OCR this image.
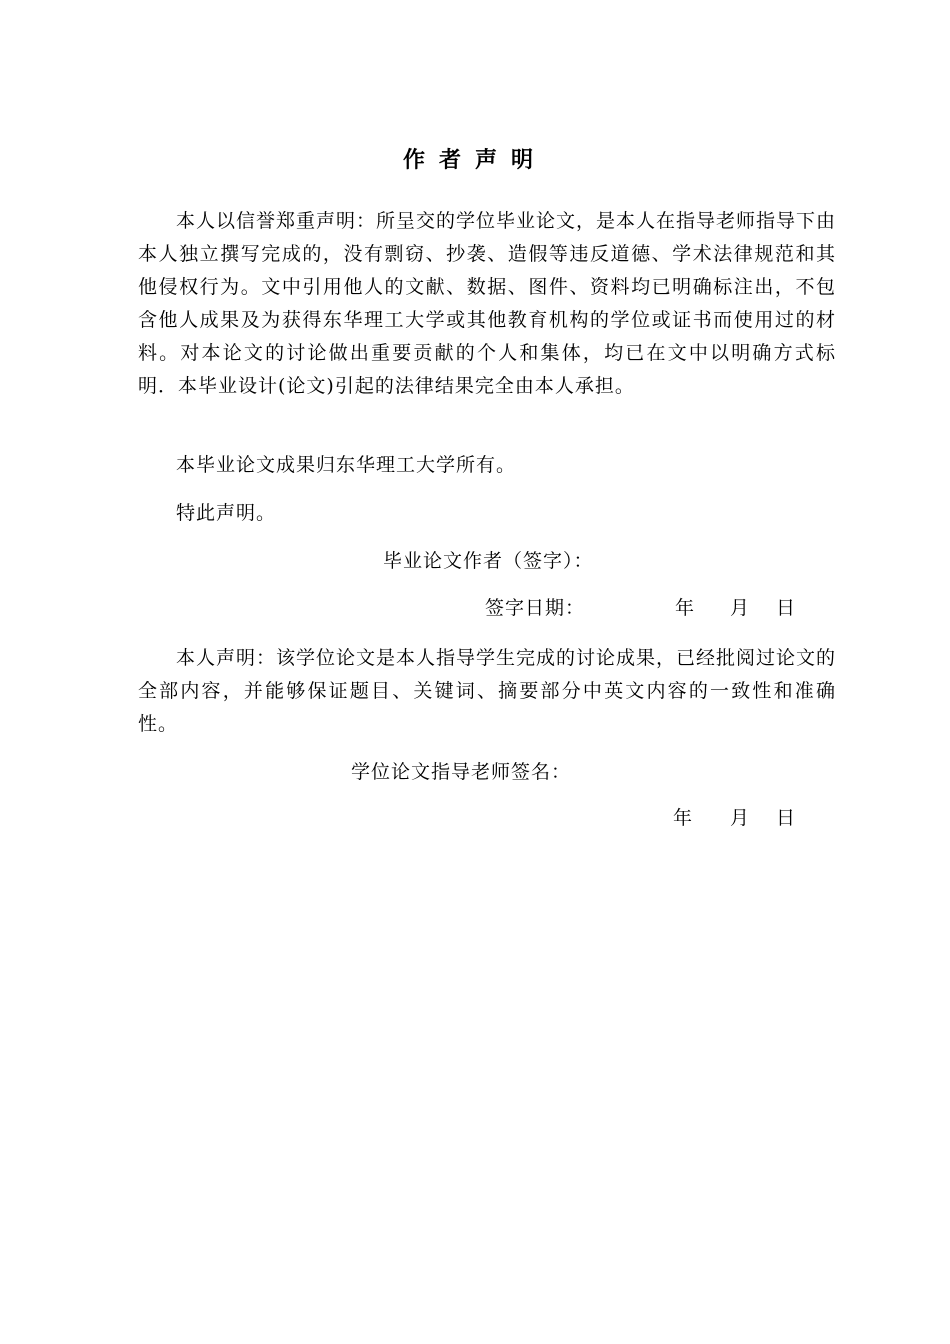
作者声明

本人以信誉郑重声明：所呈交的学位毕业论文，是本人在指导老师指导下由本人独立撰写完成的，没有剽窃、抄袭、造假等违反道德、学术法律规范和其他侵权行为。文中引用他人的文献、数据、图件、资料均已明确标注出，不包含他人成果及为获得东华理工大学或其他教育机构的学位或证书而使用过的材料。对本论文的讨论做出重要贡献的个人和集体，均已在文中以明确方式标明．本毕业设计(论文)引起的法律结果完全由本人承担。

本毕业论文成果归东华理工大学所有。

特此声明。

毕业论文作者（签字）：
签字日期：	年 月 日

本人声明：该学位论文是本人指导学生完成的讨论成果，已经批阅过论文的全部内容，并能够保证题目、关键词、摘要部分中英文内容的一致性和准确性。

学位论文指导老师签名：
年 月 日
